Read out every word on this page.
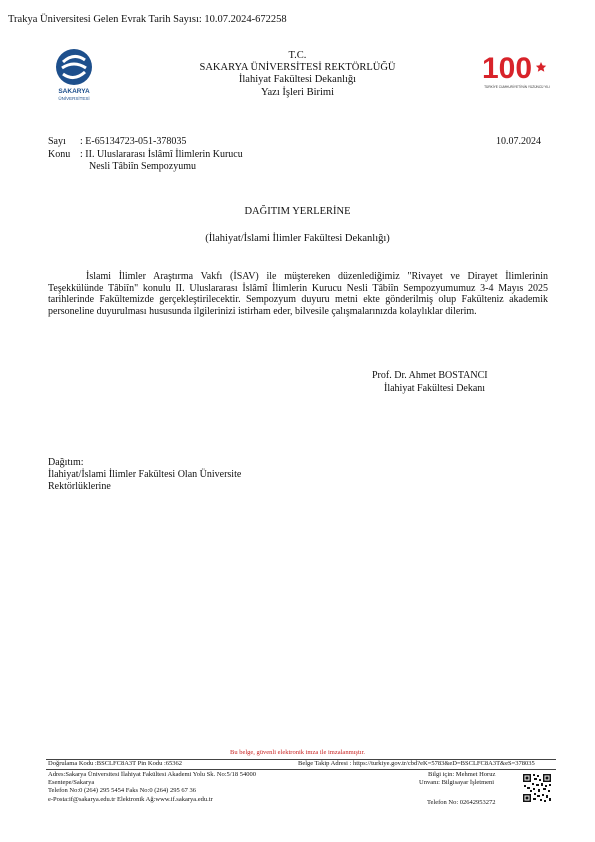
Trakya Üniversitesi Gelen Evrak Tarih Sayısı: 10.07.2024-672258
SAKARYA
ÜNİVERSİTESİ
T.C.
SAKARYA ÜNİVERSİTESİ REKTÖRLÜĞÜ
İlahiyat Fakültesi Dekanlığı
Yazı İşleri Birimi
100
TÜRKİYE CUMHURİYETİ'NİN YÜZÜNCÜ YILI
Sayı : E-65134723-051-378035	10.07.2024
Konu : II. Uluslararası İslâmî İlimlerin Kurucu
Nesli Tâbiîn Sempozyumu
DAĞITIM YERLERİNE
(İlahiyat/İslami İlimler Fakültesi Dekanlığı)
İslami İlimler Araştırma Vakfı (İSAV) ile müştereken düzenlediğimiz "Rivayet ve Dirayet İlimlerinin Teşekkülünde Tâbiîn" konulu II. Uluslararası İslâmî İlimlerin Kurucu Nesli Tâbiîn Sempozyumumuz 3-4 Mayıs 2025 tarihlerinde Fakültemizde gerçekleştirilecektir. Sempozyum duyuru metni ekte gönderilmiş olup Fakülteniz akademik personeline duyurulması hususunda ilgilerinizi istirham eder, bilvesile çalışmalarınızda kolaylıklar dilerim.
Prof. Dr. Ahmet BOSTANCI
İlahiyat Fakültesi Dekanı
Dağıtım:
İlahiyat/İslami İlimler Fakültesi Olan Üniversite
Rektörlüklerine
Bu belge, güvenli elektronik imza ile imzalanmıştır.
Doğrulama Kodu :BSCLFC8A3T Pin Kodu :65362	Belge Takip Adresi : https://turkiye.gov.tr/cbd?eK=5783&eD=BSCLFC8A3T&eS=378035
Adres:Sakarya Üniversitesi İlahiyat Fakültesi Akademi Yolu Sk. No:5/18 54000
Esentepe/Sakarya
Telefon No:0 (264) 295 5454 Faks No:0 (264) 295 67 36
e-Posta:if@sakarya.edu.tr Elektronik Ağ:www.if.sakarya.edu.tr
Bilgi için: Mehmet Horuz
Unvanı: Bilgisayar İşletmeni
Telefon No: 02642953272
